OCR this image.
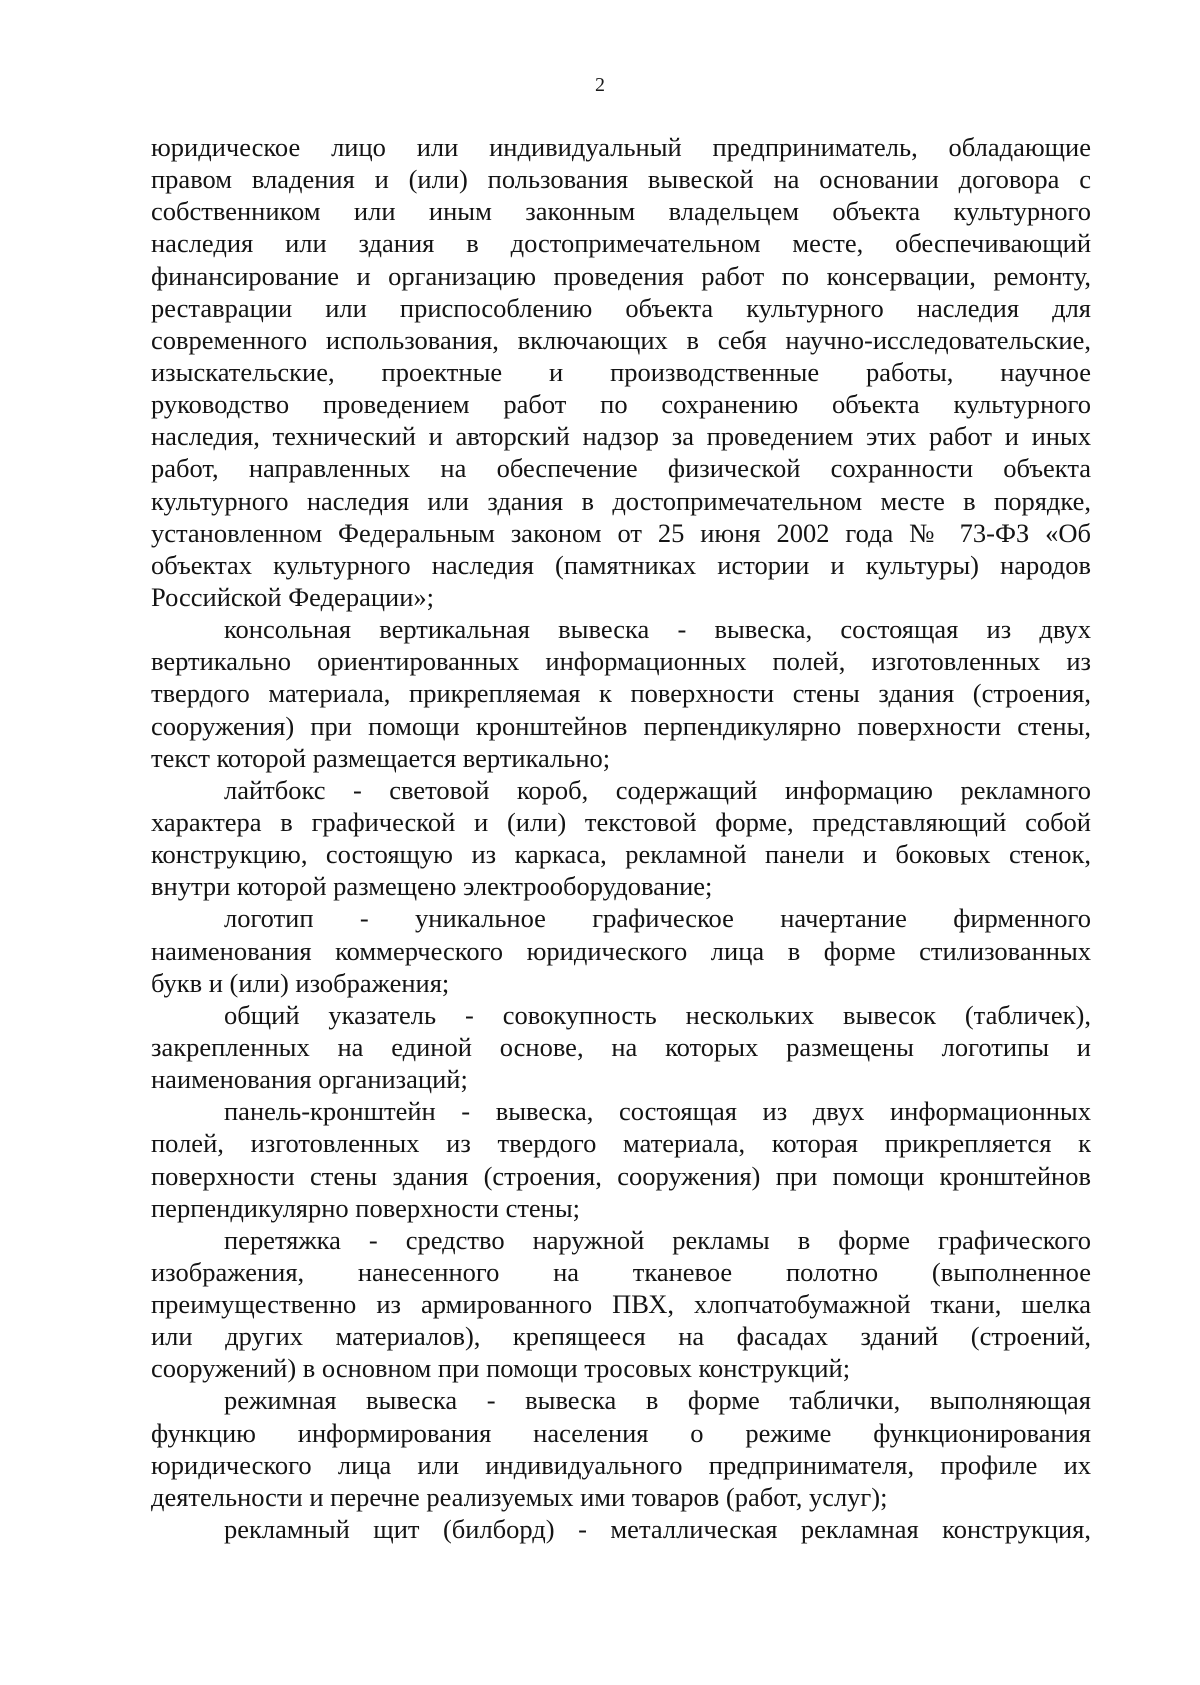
2
юридическое лицо или индивидуальный предприниматель, обладающие
правом владения и (или) пользования вывеской на основании договора с
собственником или иным законным владельцем объекта культурного
наследия или здания в достопримечательном месте, обеспечивающий
финансирование и организацию проведения работ по консервации, ремонту,
реставрации или приспособлению объекта культурного наследия для
современного использования, включающих в себя научно-исследовательские,
изыскательские, проектные и производственные работы, научное
руководство проведением работ по сохранению объекта культурного
наследия, технический и авторский надзор за проведением этих работ и иных
работ, направленных на обеспечение физической сохранности объекта
культурного наследия или здания в достопримечательном месте в порядке,
установленном Федеральным законом от 25 июня 2002 года № 73-ФЗ «Об
объектах культурного наследия (памятниках истории и культуры) народов
Российской Федерации»;
консольная вертикальная вывеска - вывеска, состоящая из двух
вертикально ориентированных информационных полей, изготовленных из
твердого материала, прикрепляемая к поверхности стены здания (строения,
сооружения) при помощи кронштейнов перпендикулярно поверхности стены,
текст которой размещается вертикально;
лайтбокс - световой короб, содержащий информацию рекламного
характера в графической и (или) текстовой форме, представляющий собой
конструкцию, состоящую из каркаса, рекламной панели и боковых стенок,
внутри которой размещено электрооборудование;
логотип - уникальное графическое начертание фирменного
наименования коммерческого юридического лица в форме стилизованных
букв и (или) изображения;
общий указатель - совокупность нескольких вывесок (табличек),
закрепленных на единой основе, на которых размещены логотипы и
наименования организаций;
панель-кронштейн - вывеска, состоящая из двух информационных
полей, изготовленных из твердого материала, которая прикрепляется к
поверхности стены здания (строения, сооружения) при помощи кронштейнов
перпендикулярно поверхности стены;
перетяжка - средство наружной рекламы в форме графического
изображения, нанесенного на тканевое полотно (выполненное
преимущественно из армированного ПВХ, хлопчатобумажной ткани, шелка
или других материалов), крепящееся на фасадах зданий (строений,
сооружений) в основном при помощи тросовых конструкций;
режимная вывеска - вывеска в форме таблички, выполняющая
функцию информирования населения о режиме функционирования
юридического лица или индивидуального предпринимателя, профиле их
деятельности и перечне реализуемых ими товаров (работ, услуг);
рекламный щит (билборд) - металлическая рекламная конструкция,
